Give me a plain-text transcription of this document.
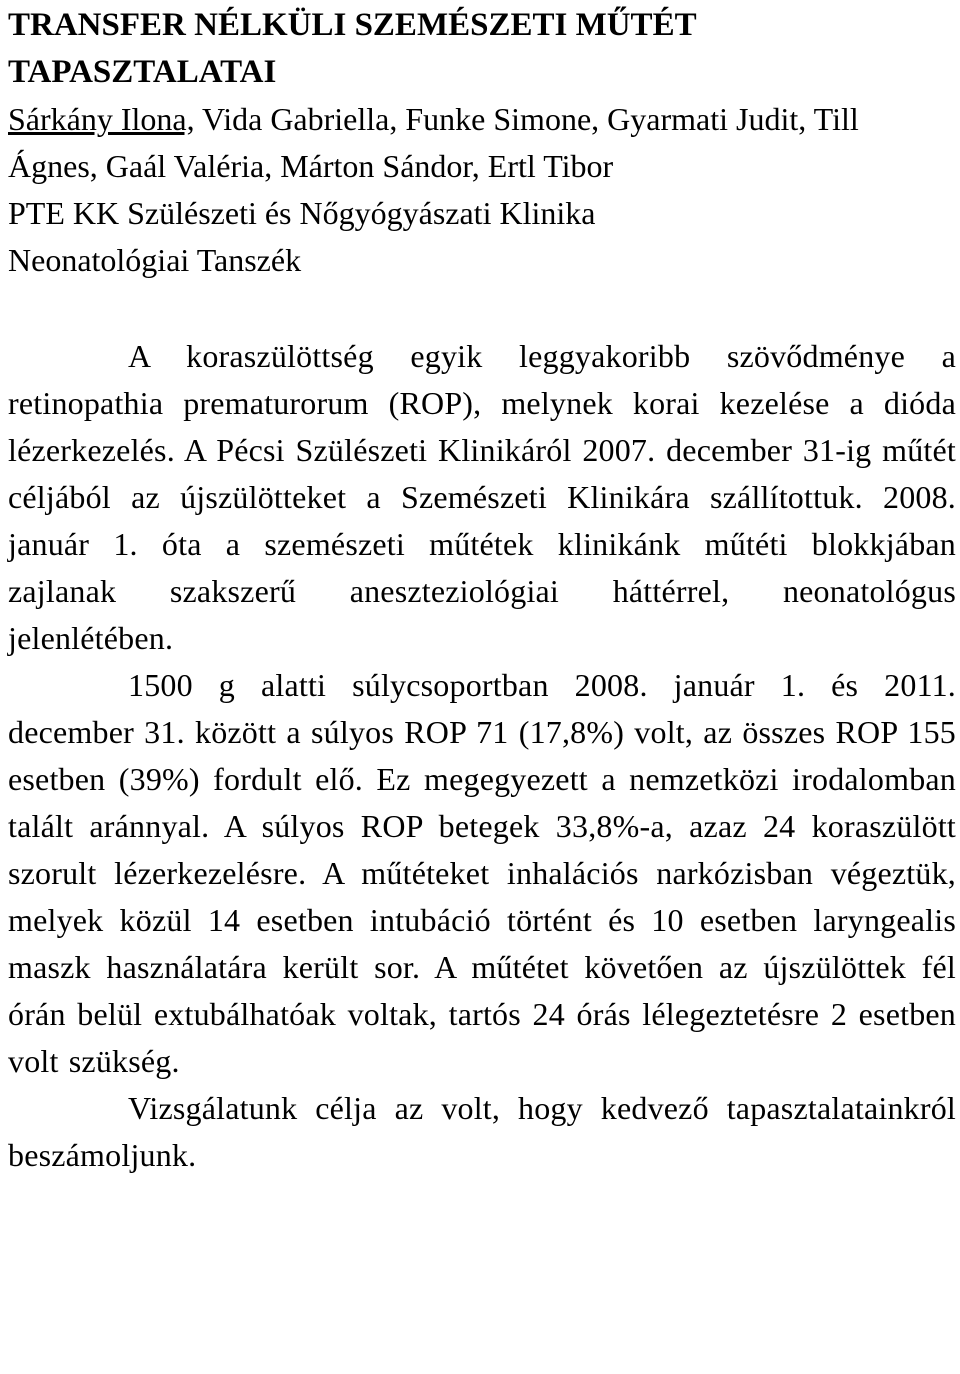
TRANSFER NÉLKÜLI SZEMÉSZETI MŰTÉT
TAPASZTALATAI

Sárkány Ilona, Vida Gabriella, Funke Simone, Gyarmati Judit, Till Ágnes, Gaál Valéria, Márton Sándor, Ertl Tibor

PTE KK Szülészeti és Nőgyógyászati Klinika
Neonatológiai Tanszék

A koraszülöttség egyik leggyakoribb szövődménye a retinopathia prematurorum (ROP), melynek korai kezelése a dióda lézerkezelés. A Pécsi Szülészeti Klinikáról 2007. december 31-ig műtét céljából az újszülötteket a Szemészeti Klinikára szállítottuk. 2008. január 1. óta a szemészeti műtétek klinikánk műtéti blokkjában zajlanak szakszerű aneszteziológiai háttérrel, neonatológus jelenlétében.

1500 g alatti súlycsoportban 2008. január 1. és 2011. december 31. között a súlyos ROP 71 (17,8%) volt, az összes ROP 155 esetben (39%) fordult elő. Ez megegyezett a nemzetközi irodalomban talált aránnyal. A súlyos ROP betegek 33,8%-a, azaz 24 koraszülött szorult lézerkezelésre. A műtéteket inhalációs narkózisban végeztük, melyek közül 14 esetben intubáció történt és 10 esetben laryngealis maszk használatára került sor. A műtétet követően az újszülöttek fél órán belül extubálhatóak voltak, tartós 24 órás lélegeztetésre 2 esetben volt szükség.

Vizsgálatunk célja az volt, hogy kedvező tapasztalatainkról beszámoljunk.
